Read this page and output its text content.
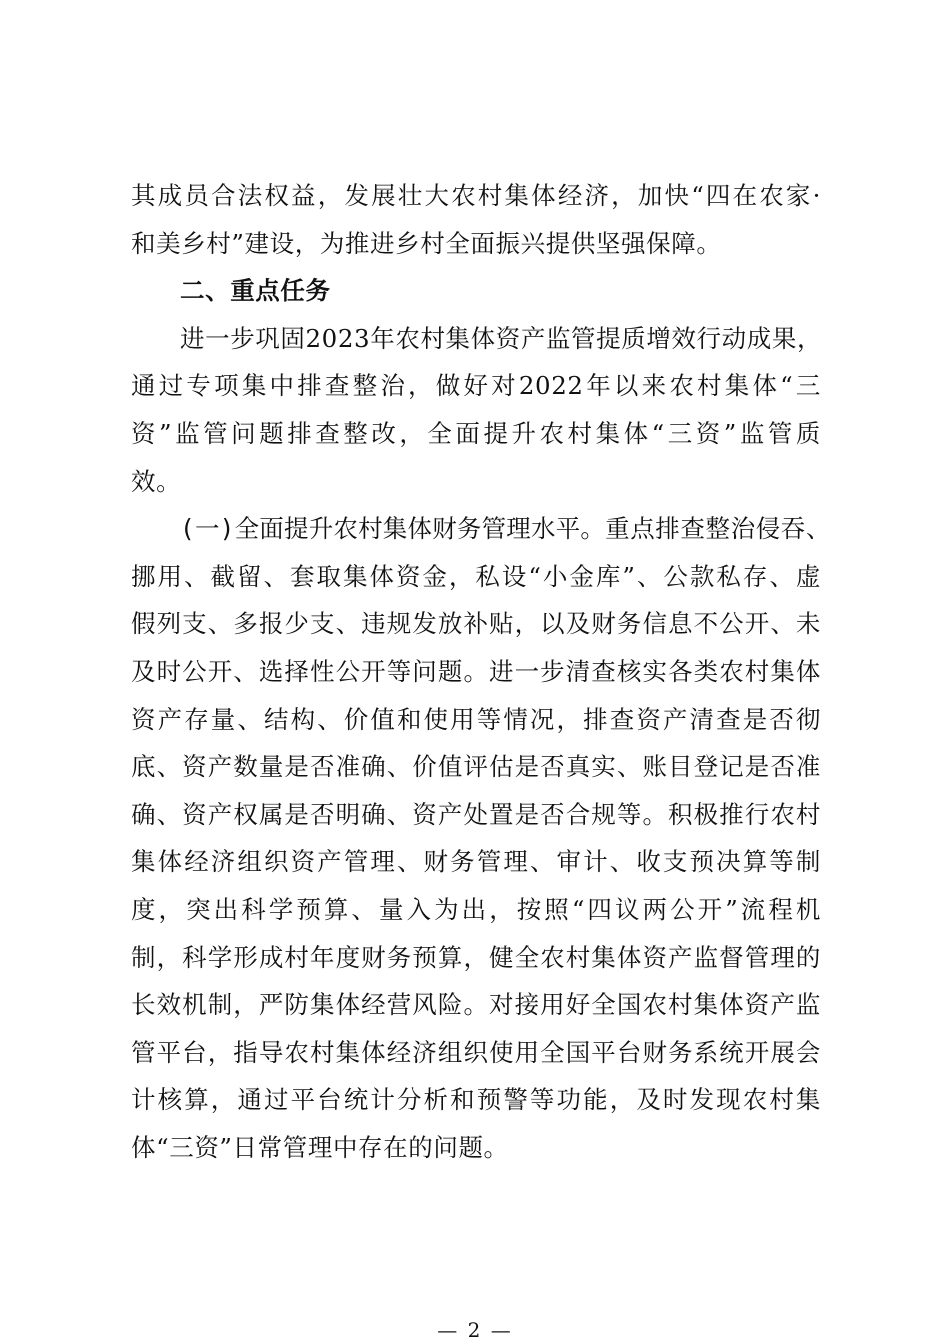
其成员合法权益，发展壮大农村集体经济，加快“四在农家·
和美乡村”建设，为推进乡村全面振兴提供坚强保障。
二、重点任务
进一步巩固2023年农村集体资产监管提质增效行动成果，
通过专项集中排查整治，做好对2022年以来农村集体“三
资”监管问题排查整改，全面提升农村集体“三资”监管质
效。
(一)全面提升农村集体财务管理水平。重点排查整治侵吞、
挪用、截留、套取集体资金，私设“小金库”、公款私存、虚
假列支、多报少支、违规发放补贴，以及财务信息不公开、未
及时公开、选择性公开等问题。进一步清查核实各类农村集体
资产存量、结构、价值和使用等情况，排查资产清查是否彻
底、资产数量是否准确、价值评估是否真实、账目登记是否准
确、资产权属是否明确、资产处置是否合规等。积极推行农村
集体经济组织资产管理、财务管理、审计、收支预决算等制
度，突出科学预算、量入为出，按照“四议两公开”流程机
制，科学形成村年度财务预算，健全农村集体资产监督管理的
长效机制，严防集体经营风险。对接用好全国农村集体资产监
管平台，指导农村集体经济组织使用全国平台财务系统开展会
计核算，通过平台统计分析和预警等功能，及时发现农村集
体“三资”日常管理中存在的问题。
— 2 —
